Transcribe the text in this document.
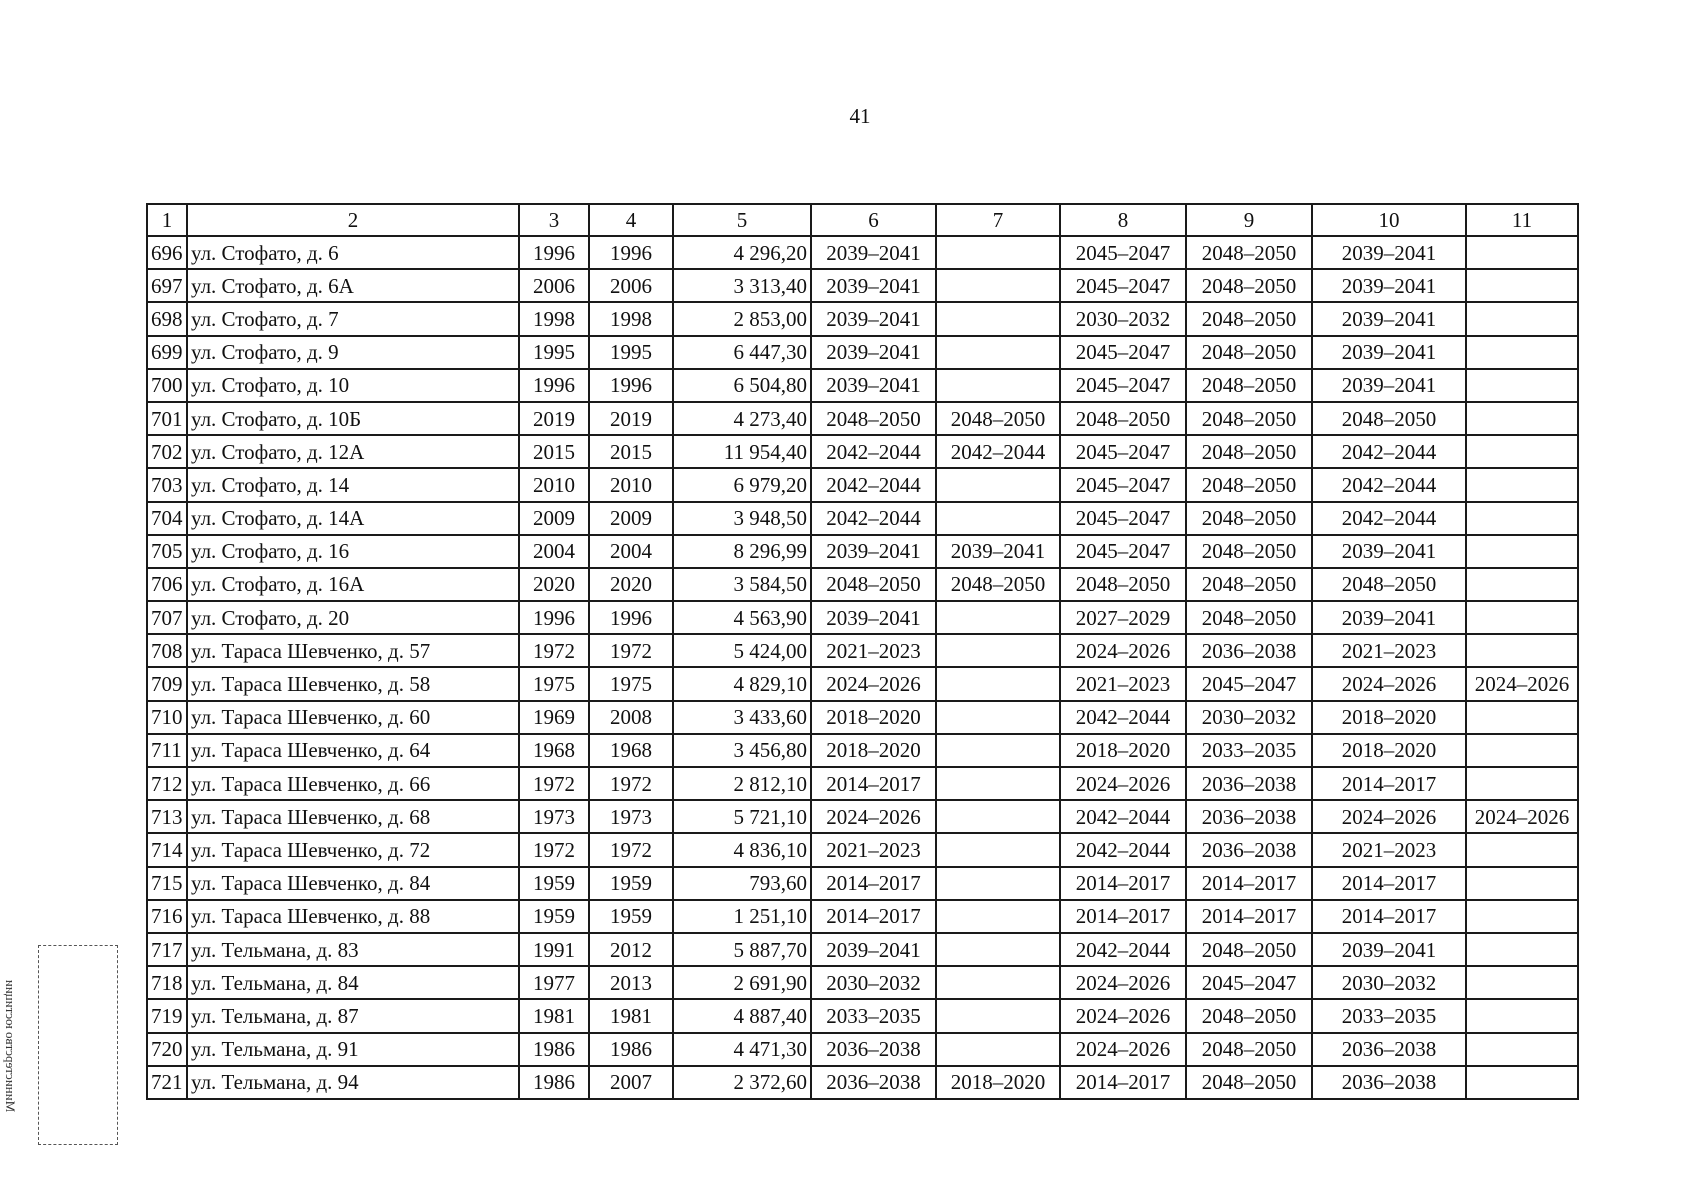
41
Министерство юстиции
1	2	3	4	5	6	7	8	9	10	11
696	ул. Стофато, д. 6	1996	1996	4 296,20	2039–2041		2045–2047	2048–2050	2039–2041	
697	ул. Стофато, д. 6А	2006	2006	3 313,40	2039–2041		2045–2047	2048–2050	2039–2041	
698	ул. Стофато, д. 7	1998	1998	2 853,00	2039–2041		2030–2032	2048–2050	2039–2041	
699	ул. Стофато, д. 9	1995	1995	6 447,30	2039–2041		2045–2047	2048–2050	2039–2041	
700	ул. Стофато, д. 10	1996	1996	6 504,80	2039–2041		2045–2047	2048–2050	2039–2041	
701	ул. Стофато, д. 10Б	2019	2019	4 273,40	2048–2050	2048–2050	2048–2050	2048–2050	2048–2050	
702	ул. Стофато, д. 12А	2015	2015	11 954,40	2042–2044	2042–2044	2045–2047	2048–2050	2042–2044	
703	ул. Стофато, д. 14	2010	2010	6 979,20	2042–2044		2045–2047	2048–2050	2042–2044	
704	ул. Стофато, д. 14А	2009	2009	3 948,50	2042–2044		2045–2047	2048–2050	2042–2044	
705	ул. Стофато, д. 16	2004	2004	8 296,99	2039–2041	2039–2041	2045–2047	2048–2050	2039–2041	
706	ул. Стофато, д. 16А	2020	2020	3 584,50	2048–2050	2048–2050	2048–2050	2048–2050	2048–2050	
707	ул. Стофато, д. 20	1996	1996	4 563,90	2039–2041		2027–2029	2048–2050	2039–2041	
708	ул. Тараса Шевченко, д. 57	1972	1972	5 424,00	2021–2023		2024–2026	2036–2038	2021–2023	
709	ул. Тараса Шевченко, д. 58	1975	1975	4 829,10	2024–2026		2021–2023	2045–2047	2024–2026	2024–2026
710	ул. Тараса Шевченко, д. 60	1969	2008	3 433,60	2018–2020		2042–2044	2030–2032	2018–2020	
711	ул. Тараса Шевченко, д. 64	1968	1968	3 456,80	2018–2020		2018–2020	2033–2035	2018–2020	
712	ул. Тараса Шевченко, д. 66	1972	1972	2 812,10	2014–2017		2024–2026	2036–2038	2014–2017	
713	ул. Тараса Шевченко, д. 68	1973	1973	5 721,10	2024–2026		2042–2044	2036–2038	2024–2026	2024–2026
714	ул. Тараса Шевченко, д. 72	1972	1972	4 836,10	2021–2023		2042–2044	2036–2038	2021–2023	
715	ул. Тараса Шевченко, д. 84	1959	1959	793,60	2014–2017		2014–2017	2014–2017	2014–2017	
716	ул. Тараса Шевченко, д. 88	1959	1959	1 251,10	2014–2017		2014–2017	2014–2017	2014–2017	
717	ул. Тельмана, д. 83	1991	2012	5 887,70	2039–2041		2042–2044	2048–2050	2039–2041	
718	ул. Тельмана, д. 84	1977	2013	2 691,90	2030–2032		2024–2026	2045–2047	2030–2032	
719	ул. Тельмана, д. 87	1981	1981	4 887,40	2033–2035		2024–2026	2048–2050	2033–2035	
720	ул. Тельмана, д. 91	1986	1986	4 471,30	2036–2038		2024–2026	2048–2050	2036–2038	
721	ул. Тельмана, д. 94	1986	2007	2 372,60	2036–2038	2018–2020	2014–2017	2048–2050	2036–2038	
